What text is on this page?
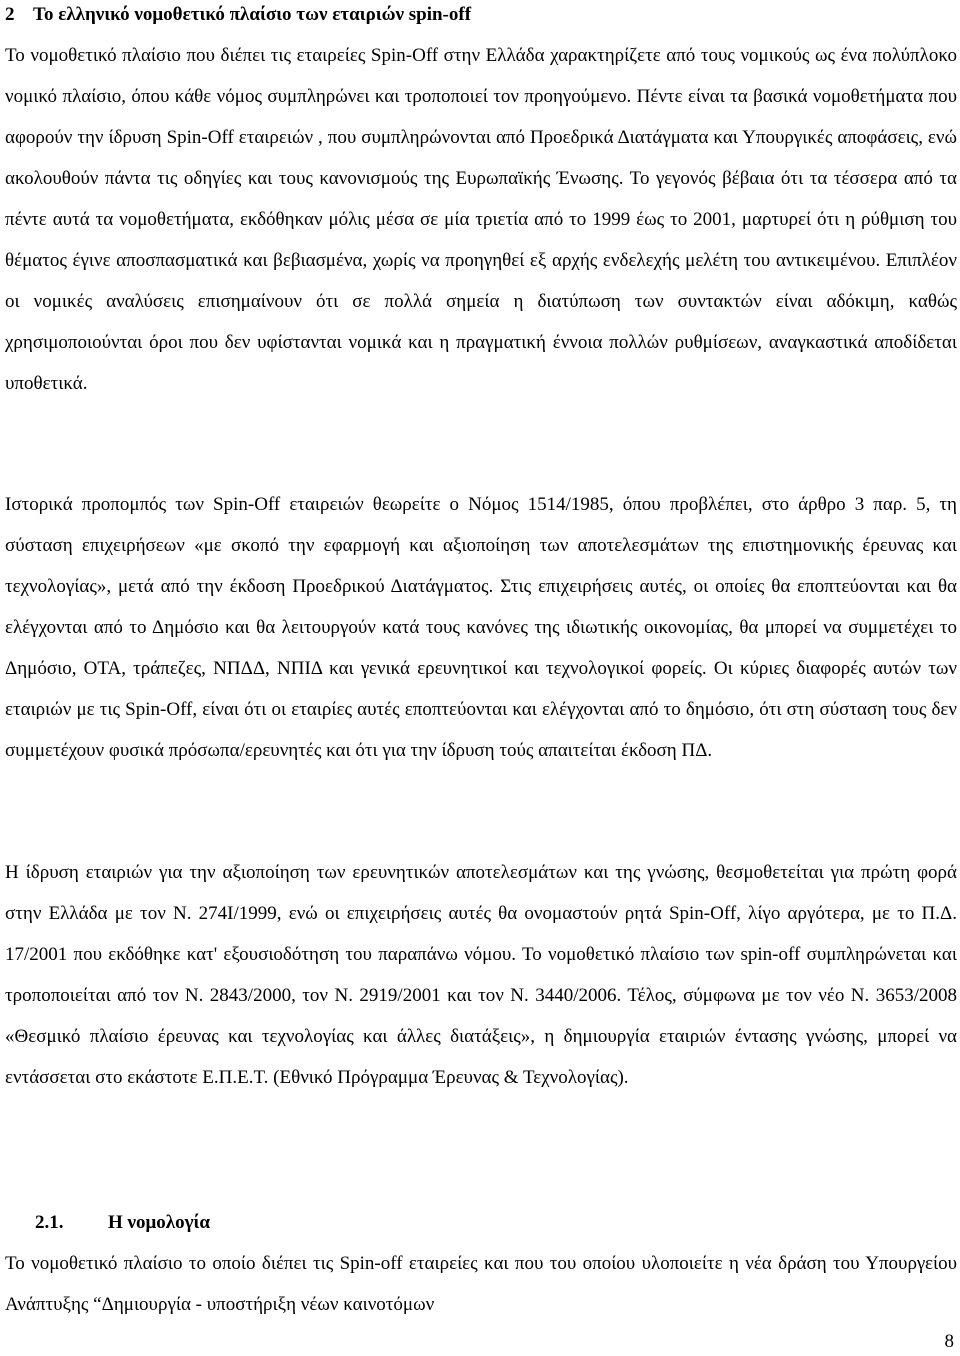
2 Το ελληνικό νομοθετικό πλαίσιο των εταιριών spin-off

Το νομοθετικό πλαίσιο που διέπει τις εταιρείες Spin-Off στην Ελλάδα χαρακτηρίζετε από τους νομικούς ως ένα πολύπλοκο νομικό πλαίσιο, όπου κάθε νόμος συμπληρώνει και τροποποιεί τον προηγούμενο. Πέντε είναι τα βασικά νομοθετήματα που αφορούν την ίδρυση Spin-Off εταιρειών , που συμπληρώνονται από Προεδρικά Διατάγματα και Υπουργικές αποφάσεις, ενώ ακολουθούν πάντα τις οδηγίες και τους κανονισμούς της Ευρωπαϊκής Ένωσης. Το γεγονός βέβαια ότι τα τέσσερα από τα πέντε αυτά τα νομοθετήματα, εκδόθηκαν μόλις μέσα σε μία τριετία από το 1999 έως το 2001, μαρτυρεί ότι η ρύθμιση του θέματος έγινε αποσπασματικά και βεβιασμένα, χωρίς να προηγηθεί εξ αρχής ενδελεχής μελέτη του αντικειμένου. Επιπλέον οι νομικές αναλύσεις επισημαίνουν ότι σε πολλά σημεία η διατύπωση των συντακτών είναι αδόκιμη, καθώς χρησιμοποιούνται όροι που δεν υφίστανται νομικά και η πραγματική έννοια πολλών ρυθμίσεων, αναγκαστικά αποδίδεται υποθετικά.

Ιστορικά προπομπός των Spin-Off εταιρειών θεωρείτε ο Νόμος 1514/1985, όπου προβλέπει, στο άρθρο 3 παρ. 5, τη σύσταση επιχειρήσεων «με σκοπό την εφαρμογή και αξιοποίηση των αποτελεσμάτων της επιστημονικής έρευνας και τεχνολογίας», μετά από την έκδοση Προεδρικού Διατάγματος. Στις επιχειρήσεις αυτές, οι οποίες θα εποπτεύονται και θα ελέγχονται από το Δημόσιο και θα λειτουργούν κατά τους κανόνες της ιδιωτικής οικονομίας, θα μπορεί να συμμετέχει το Δημόσιο, ΟΤΑ, τράπεζες, ΝΠΔΔ, ΝΠΙΔ και γενικά ερευνητικοί και τεχνολογικοί φορείς. Οι κύριες διαφορές αυτών των εταιριών με τις Spin-Off, είναι ότι οι εταιρίες αυτές εποπτεύονται και ελέγχονται από το δημόσιο, ότι στη σύσταση τους δεν συμμετέχουν φυσικά πρόσωπα/ερευνητές και ότι για την ίδρυση τούς απαιτείται έκδοση ΠΔ.

Η ίδρυση εταιριών για την αξιοποίηση των ερευνητικών αποτελεσμάτων και της γνώσης, θεσμοθετείται για πρώτη φορά στην Ελλάδα με τον Ν. 274Ι/1999, ενώ οι επιχειρήσεις αυτές θα ονομαστούν ρητά Spin-Off, λίγο αργότερα, με το Π.Δ. 17/2001 που εκδόθηκε κατ' εξουσιοδότηση του παραπάνω νόμου. Το νομοθετικό πλαίσιο των spin-off συμπληρώνεται και τροποποιείται από τον Ν. 2843/2000, τον Ν. 2919/2001 και τον Ν. 3440/2006. Τέλος, σύμφωνα με τον νέο Ν. 3653/2008 «Θεσμικό πλαίσιο έρευνας και τεχνολογίας και άλλες διατάξεις», η δημιουργία εταιριών έντασης γνώσης, μπορεί να εντάσσεται στο εκάστοτε Ε.Π.Ε.Τ. (Εθνικό Πρόγραμμα Έρευνας & Τεχνολογίας).

2.1. Η νομολογία

Το νομοθετικό πλαίσιο το οποίο διέπει τις Spin-off εταιρείες και που του οποίου υλοποιείτε η νέα δράση του Υπουργείου Ανάπτυξης “Δημιουργία - υποστήριξη νέων καινοτόμων

8
